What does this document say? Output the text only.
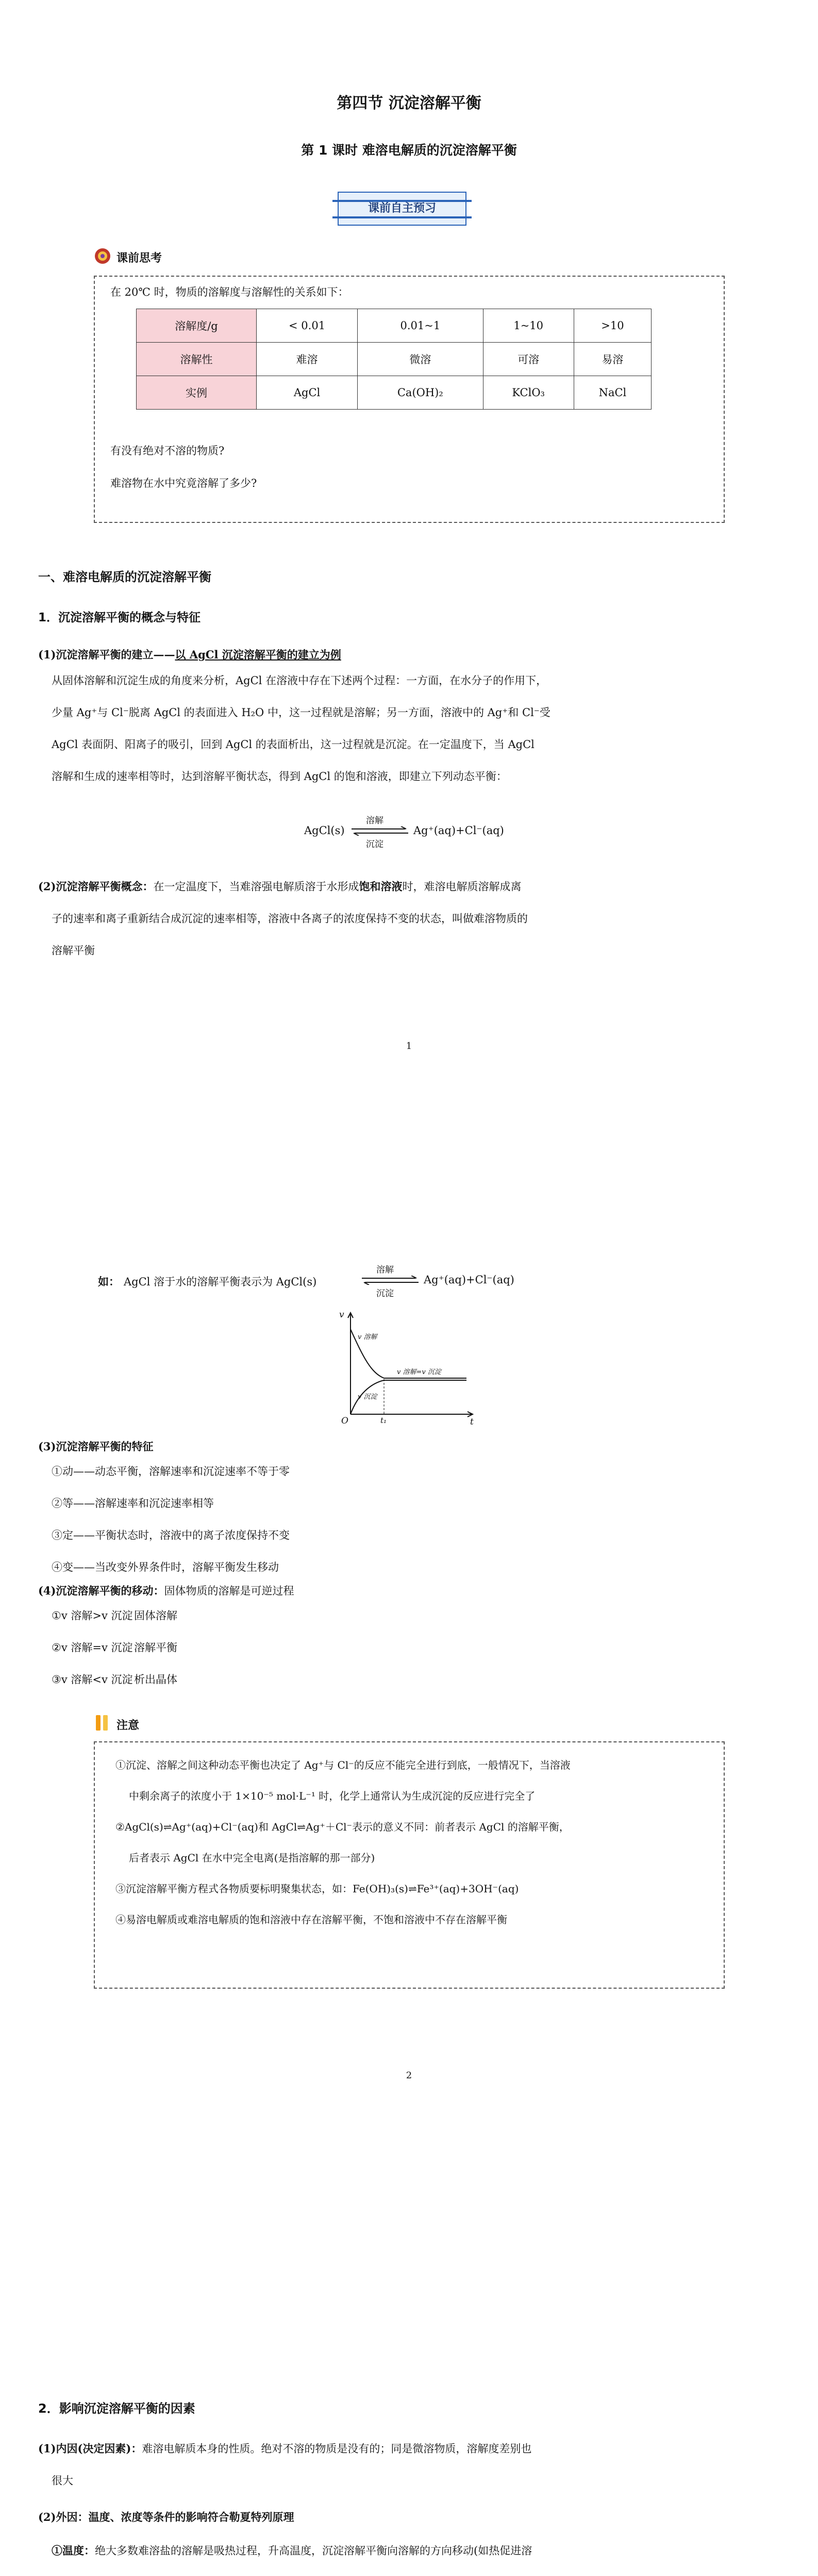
第四节 沉淀溶解平衡
第 1 课时 难溶电解质的沉淀溶解平衡
课前自主预习
课前思考
在 20℃ 时，物质的溶解度与溶解性的关系如下：
溶解度/g	< 0.01	0.01~1	1~10	>10
溶解性	难溶	微溶	可溶	易溶
实例	AgCl	Ca(OH)₂	KClO₃	NaCl
有没有绝对不溶的物质?
难溶物在水中究竟溶解了多少?
一、难溶电解质的沉淀溶解平衡
1．沉淀溶解平衡的概念与特征
(1)沉淀溶解平衡的建立——以 AgCl 沉淀溶解平衡的建立为例
从固体溶解和沉淀生成的角度来分析，AgCl 在溶液中存在下述两个过程：一方面，在水分子的作用下，
少量 Ag⁺与 Cl⁻脱离 AgCl 的表面进入 H₂O 中，这一过程就是溶解；另一方面，溶液中的 Ag⁺和 Cl⁻受
AgCl 表面阴、阳离子的吸引，回到 AgCl 的表面析出，这一过程就是沉淀。在一定温度下，当 AgCl
溶解和生成的速率相等时，达到溶解平衡状态，得到 AgCl 的饱和溶液，即建立下列动态平衡：
AgCl(s)
溶解
沉淀
Ag⁺(aq)+Cl⁻(aq)
(2)沉淀溶解平衡概念：在一定温度下，当难溶强电解质溶于水形成饱和溶液时，难溶电解质溶解成离
子的速率和离子重新结合成沉淀的速率相等，溶液中各离子的浓度保持不变的状态，叫做难溶物质的
溶解平衡
1
如： AgCl 溶于水的溶解平衡表示为 AgCl(s)
溶解
沉淀
Ag⁺(aq)+Cl⁻(aq)
v
t
O	t₁
v 溶解
v 沉淀
v 溶解=v 沉淀
(3)沉淀溶解平衡的特征
①动——动态平衡，溶解速率和沉淀速率不等于零
②等——溶解速率和沉淀速率相等
③定——平衡状态时，溶液中的离子浓度保持不变
④变——当改变外界条件时，溶解平衡发生移动
(4)沉淀溶解平衡的移动：固体物质的溶解是可逆过程
①v 溶解>v 沉淀 固体溶解
②v 溶解=v 沉淀 溶解平衡
③v 溶解<v 沉淀 析出晶体
注意
①沉淀、溶解之间这种动态平衡也决定了 Ag⁺与 Cl⁻的反应不能完全进行到底，一般情况下，当溶液
中剩余离子的浓度小于 1×10⁻⁵ mol·L⁻¹ 时，化学上通常认为生成沉淀的反应进行完全了
②AgCl(s)⇌Ag⁺(aq)+Cl⁻(aq)和 AgCl⇌Ag⁺＋Cl⁻表示的意义不同：前者表示 AgCl 的溶解平衡，
后者表示 AgCl 在水中完全电离(是指溶解的那一部分)
③沉淀溶解平衡方程式各物质要标明聚集状态，如：Fe(OH)₃(s)⇌Fe³⁺(aq)+3OH⁻(aq)
④易溶电解质或难溶电解质的饱和溶液中存在溶解平衡，不饱和溶液中不存在溶解平衡
2
2．影响沉淀溶解平衡的因素
(1)内因(决定因素)：难溶电解质本身的性质。绝对不溶的物质是没有的；同是微溶物质，溶解度差别也
很大
(2)外因：温度、浓度等条件的影响符合勒夏特列原理
①温度：绝大多数难溶盐的溶解是吸热过程，升高温度，沉淀溶解平衡向溶解的方向移动(如热促进溶
